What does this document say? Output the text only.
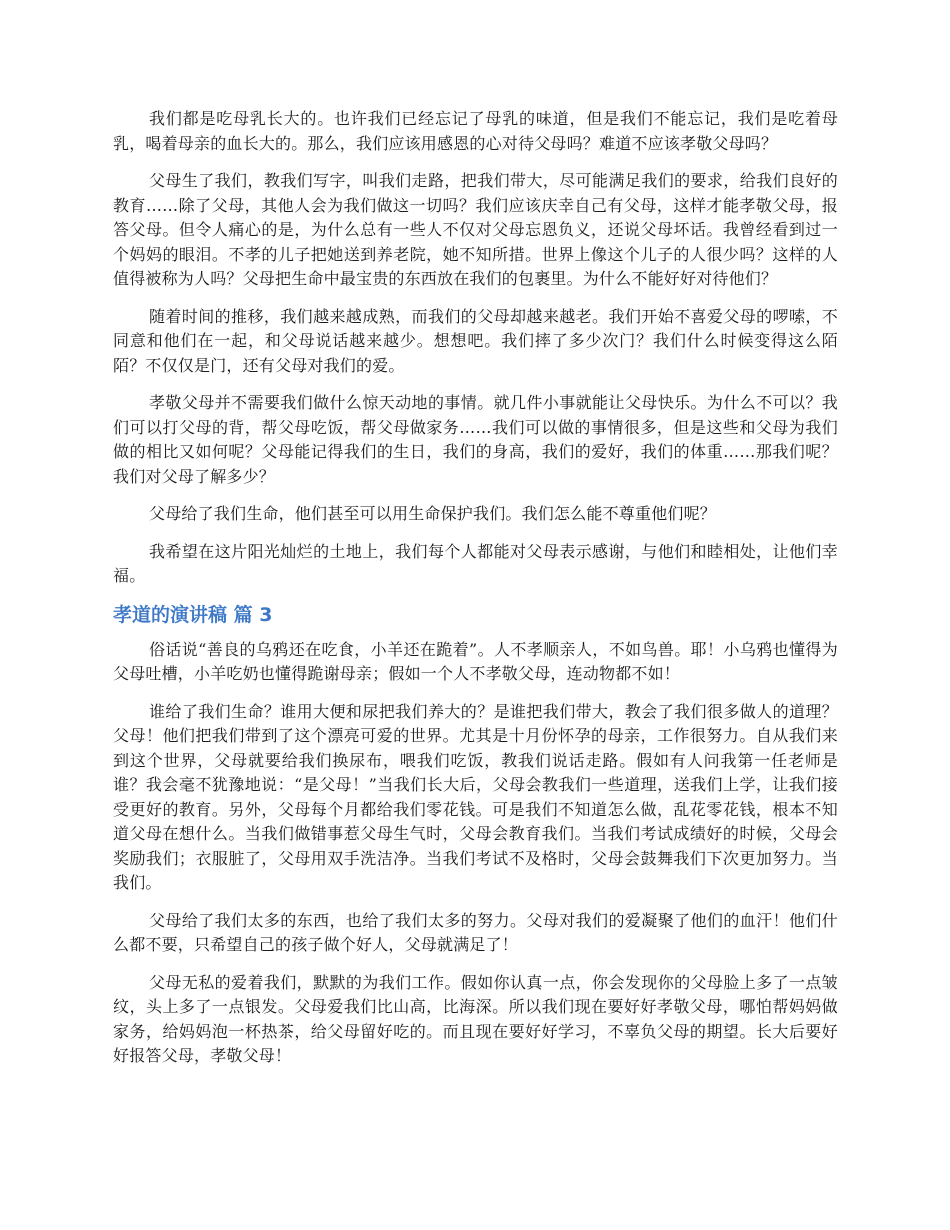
我们都是吃母乳长大的。也许我们已经忘记了母乳的味道，但是我们不能忘记，我们是吃着母乳，喝着母亲的血长大的。那么，我们应该用感恩的心对待父母吗？难道不应该孝敬父母吗？

父母生了我们，教我们写字，叫我们走路，把我们带大，尽可能满足我们的要求，给我们良好的教育……除了父母，其他人会为我们做这一切吗？我们应该庆幸自己有父母，这样才能孝敬父母，报答父母。但令人痛心的是，为什么总有一些人不仅对父母忘恩负义，还说父母坏话。我曾经看到过一个妈妈的眼泪。不孝的儿子把她送到养老院，她不知所措。世界上像这个儿子的人很少吗？这样的人值得被称为人吗？父母把生命中最宝贵的东西放在我们的包裹里。为什么不能好好对待他们？

随着时间的推移，我们越来越成熟，而我们的父母却越来越老。我们开始不喜爱父母的啰嗦，不同意和他们在一起，和父母说话越来越少。想想吧。我们摔了多少次门？我们什么时候变得这么陌陌？不仅仅是门，还有父母对我们的爱。

孝敬父母并不需要我们做什么惊天动地的事情。就几件小事就能让父母快乐。为什么不可以？我们可以打父母的背，帮父母吃饭，帮父母做家务……我们可以做的事情很多，但是这些和父母为我们做的相比又如何呢？父母能记得我们的生日，我们的身高，我们的爱好，我们的体重……那我们呢？我们对父母了解多少？

父母给了我们生命，他们甚至可以用生命保护我们。我们怎么能不尊重他们呢？

我希望在这片阳光灿烂的土地上，我们每个人都能对父母表示感谢，与他们和睦相处，让他们幸福。

孝道的演讲稿 篇 3

俗话说“善良的乌鸦还在吃食，小羊还在跪着”。人不孝顺亲人，不如鸟兽。耶！小乌鸦也懂得为父母吐槽，小羊吃奶也懂得跪谢母亲；假如一个人不孝敬父母，连动物都不如！

谁给了我们生命？谁用大便和尿把我们养大的？是谁把我们带大，教会了我们很多做人的道理？父母！他们把我们带到了这个漂亮可爱的世界。尤其是十月份怀孕的母亲，工作很努力。自从我们来到这个世界，父母就要给我们换尿布，喂我们吃饭，教我们说话走路。假如有人问我第一任老师是谁？我会毫不犹豫地说：“是父母！”当我们长大后，父母会教我们一些道理，送我们上学，让我们接受更好的教育。另外，父母每个月都给我们零花钱。可是我们不知道怎么做，乱花零花钱，根本不知道父母在想什么。当我们做错事惹父母生气时，父母会教育我们。当我们考试成绩好的时候，父母会奖励我们；衣服脏了，父母用双手洗洁净。当我们考试不及格时，父母会鼓舞我们下次更加努力。当我们。

父母给了我们太多的东西，也给了我们太多的努力。父母对我们的爱凝聚了他们的血汗！他们什么都不要，只希望自己的孩子做个好人，父母就满足了！

父母无私的爱着我们，默默的为我们工作。假如你认真一点，你会发现你的父母脸上多了一点皱纹，头上多了一点银发。父母爱我们比山高，比海深。所以我们现在要好好孝敬父母，哪怕帮妈妈做家务，给妈妈泡一杯热茶，给父母留好吃的。而且现在要好好学习，不辜负父母的期望。长大后要好好报答父母，孝敬父母！
